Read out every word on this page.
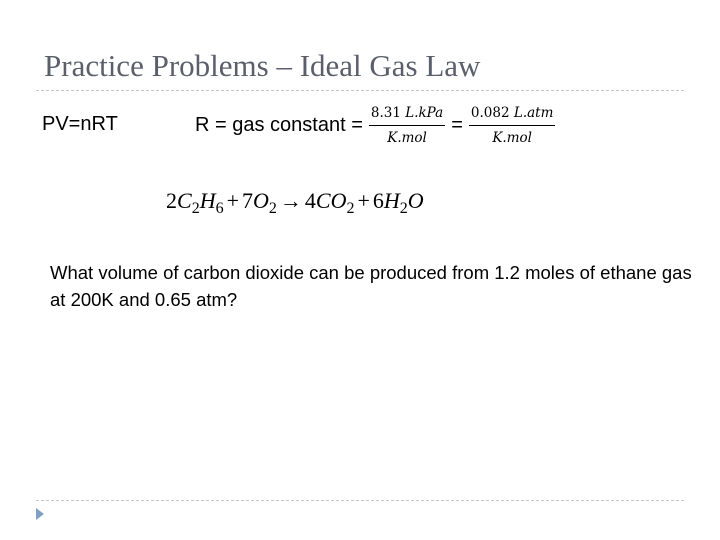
Practice Problems – Ideal Gas Law
PV=nRT	R = gas constant = $\frac{\text{8.31 L.kPa}}{\text{K.mol}} = \frac{\text{0.082 L.atm}}{\text{K.mol}}$
$2C_2H_6 + 7O_2 \to 4CO_2 + 6H_2O$
What volume of carbon dioxide can be produced from 1.2 moles of ethane gas at 200K and 0.65 atm?
